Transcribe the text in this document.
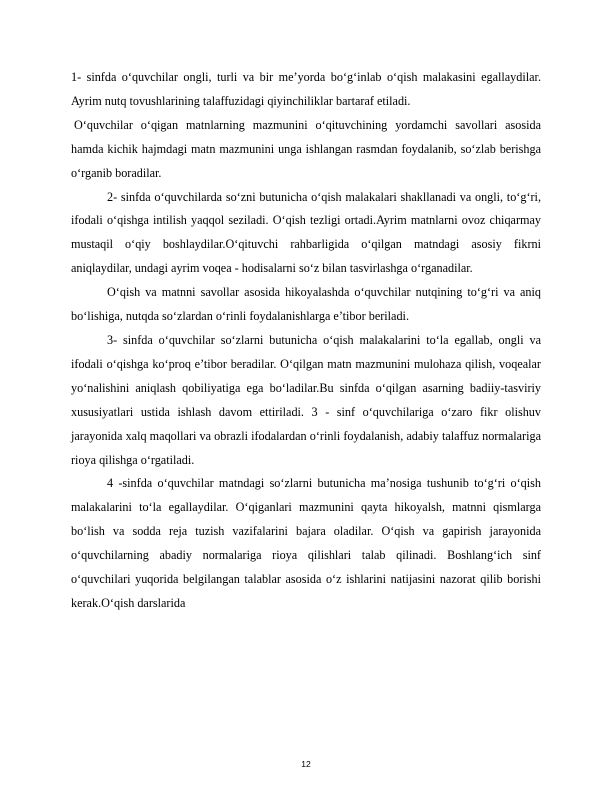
1- sinfda o‘quvchilar ongli, turli va bir me’yorda bo‘g‘inlab o‘qish malakasini egallaydilar. Ayrim nutq tovushlarining talaffuzidagi qiyinchiliklar bartaraf etiladi.

O‘quvchilar o‘qigan matnlarning mazmunini o‘qituvchining yordamchi savollari asosida hamda kichik hajmdagi matn mazmunini unga ishlangan rasmdan foydalanib, so‘zlab berishga o‘rganib boradilar.

2- sinfda o‘quvchilarda so‘zni butunicha o‘qish malakalari shakllanadi va ongli, to‘g‘ri, ifodali o‘qishga intilish yaqqol seziladi. O‘qish tezligi ortadi.Ayrim matnlarni ovoz chiqarmay mustaqil o‘qiy boshlaydilar.O‘qituvchi rahbarligida o‘qilgan matndagi asosiy fikrni aniqlaydilar, undagi ayrim voqea - hodisalarni so‘z bilan tasvirlashga o‘rganadilar.

O‘qish va matnni savollar asosida hikoyalashda o‘quvchilar nutqining to‘g‘ri va aniq bo‘lishiga, nutqda so‘zlardan o‘rinli foydalanishlarga e’tibor beriladi.

3- sinfda o‘quvchilar so‘zlarni butunicha o‘qish malakalarini to‘la egallab, ongli va ifodali o‘qishga ko‘proq e’tibor beradilar. O‘qilgan matn mazmunini mulohaza qilish, voqealar yo‘nalishini aniqlash qobiliyatiga ega bo‘ladilar.Bu sinfda o‘qilgan asarning badiiy-tasviriy xususiyatlari ustida ishlash davom ettiriladi. 3 - sinf o‘quvchilariga o‘zaro fikr olishuv jarayonida xalq maqollari va obrazli ifodalardan o‘rinli foydalanish, adabiy talaffuz normalariga rioya qilishga o‘rgatiladi.

4 -sinfda o‘quvchilar matndagi so‘zlarni butunicha ma’nosiga tushunib to‘g‘ri o‘qish malakalarini to‘la egallaydilar. O‘qiganlari mazmunini qayta hikoyalsh, matnni qismlarga bo‘lish va sodda reja tuzish vazifalarini bajara oladilar. O‘qish va gapirish jarayonida o‘quvchilarning abadiy normalariga rioya qilishlari talab qilinadi. Boshlang‘ich sinf o‘quvchilari yuqorida belgilangan talablar asosida o‘z ishlarini natijasini nazorat qilib borishi kerak.O‘qish darslarida

12
